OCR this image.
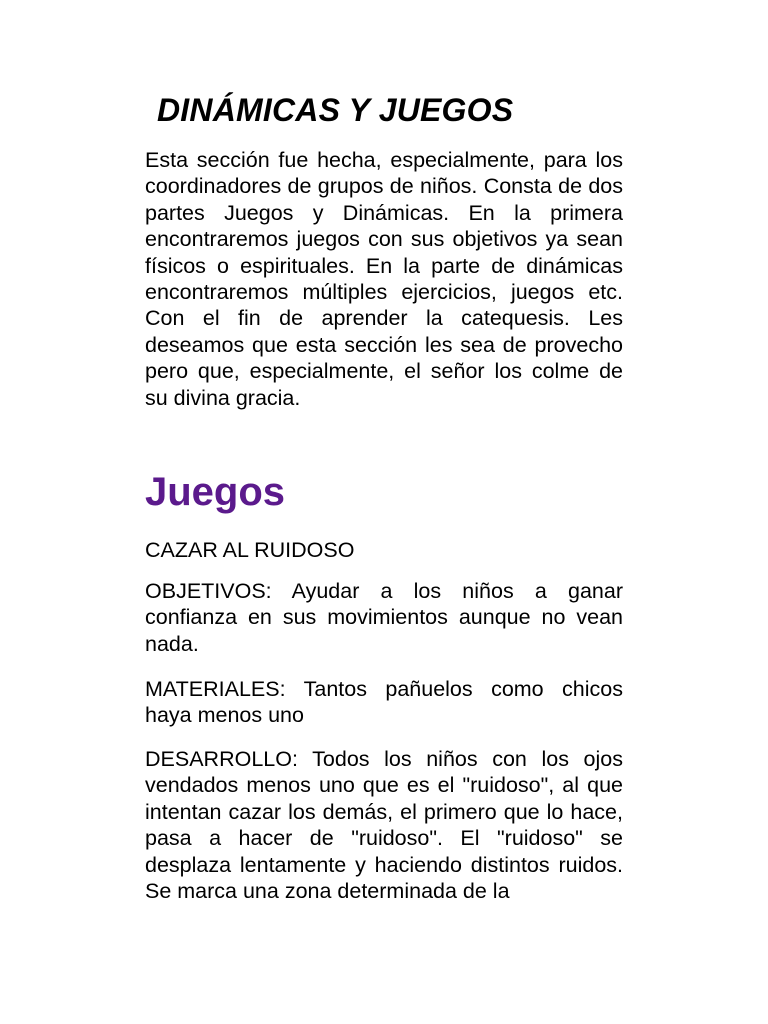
DINÁMICAS Y JUEGOS

Esta sección fue hecha, especialmente, para los coordinadores de grupos de niños. Consta de dos partes Juegos y Dinámicas. En la primera encontraremos juegos con sus objetivos ya sean físicos o espirituales. En la parte de dinámicas encontraremos múltiples ejercicios, juegos etc. Con el fin de aprender la catequesis. Les deseamos que esta sección les sea de provecho pero que, especialmente, el señor los colme de su divina gracia.

Juegos

CAZAR AL RUIDOSO

OBJETIVOS: Ayudar a los niños a ganar confianza en sus movimientos aunque no vean nada.

MATERIALES: Tantos pañuelos como chicos haya menos uno

DESARROLLO: Todos los niños con los ojos vendados menos uno que es el "ruidoso", al que intentan cazar los demás, el primero que lo hace, pasa a hacer de "ruidoso". El "ruidoso" se desplaza lentamente y haciendo distintos ruidos. Se marca una zona determinada de la
